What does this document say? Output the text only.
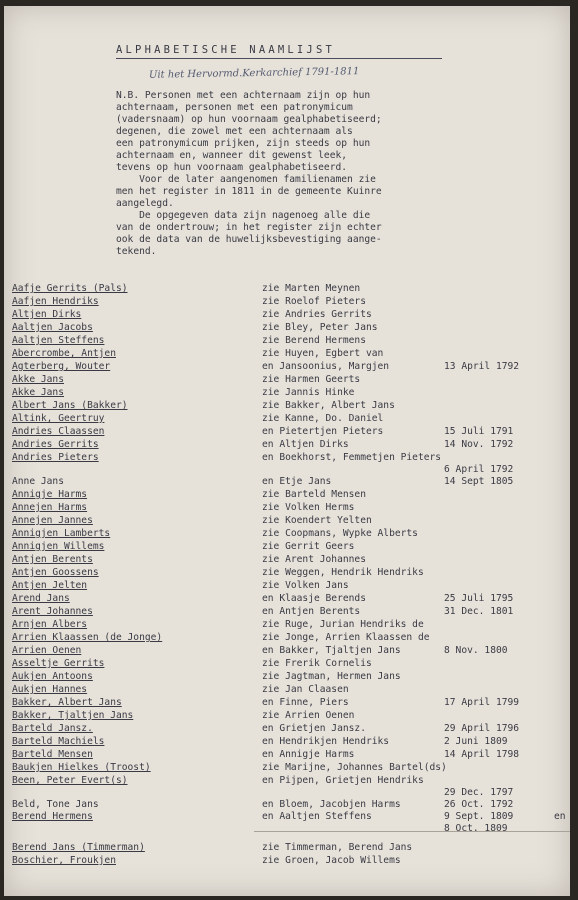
ALPHABETISCHE NAAMLIJST
Uit het Hervormd.Kerkarchief 1791-1811
N.B. Personen met een achternaam zijn op hun
achternaam, personen met een patronymicum
(vadersnaam) op hun voornaam gealphabetiseerd;
degenen, die zowel met een achternaam als
een patronymicum prijken, zijn steeds op hun
achternaam en, wanneer dit gewenst leek,
tevens op hun voornaam gealphabetiseerd.
Voor de later aangenomen familienamen zie
men het register in 1811 in de gemeente Kuinre
aangelegd.
De opgegeven data zijn nagenoeg alle die
van de ondertrouw; in het register zijn echter
ook de data van de huwelijksbevestiging aange-
tekend.
Aafje Gerrits (Pals)	zie Marten Meynen
Aafjen Hendriks	zie Roelof Pieters
Altjen Dirks	zie Andries Gerrits
Aaltjen Jacobs	zie Bley, Peter Jans
Aaltjen Steffens	zie Berend Hermens
Abercrombe, Antjen	zie Huyen, Egbert van
Agterberg, Wouter	en Jansoonius, Margjen	13 April 1792
Akke Jans	zie Harmen Geerts
Akke Jans	zie Jannis Hinke
Albert Jans (Bakker)	zie Bakker, Albert Jans
Altink, Geertruy	zie Kanne, Do. Daniel
Andries Claassen	en Pietertjen Pieters	15 Juli 1791
Andries Gerrits	en Altjen Dirks	14 Nov. 1792
Andries Pieters	en Boekhorst, Femmetjen Pieters
6 April 1792
Anne Jans	en Etje Jans	14 Sept 1805
Annigje Harms	zie Barteld Mensen
Annejen Harms	zie Volken Herms
Annejen Jannes	zie Koendert Yelten
Annigjen Lamberts	zie Coopmans, Wypke Alberts
Annigjen Willems	zie Gerrit Geers
Antjen Berents	zie Arent Johannes
Antjen Goossens	zie Weggen, Hendrik Hendriks
Antjen Jelten	zie Volken Jans
Arend Jans	en Klaasje Berends	25 Juli 1795
Arent Johannes	en Antjen Berents	31 Dec. 1801
Arnjen Albers	zie Ruge, Jurian Hendriks de
Arrien Klaassen (de Jonge)	zie Jonge, Arrien Klaassen de
Arrien Oenen	en Bakker, Tjaltjen Jans	8 Nov. 1800
Asseltje Gerrits	zie Frerik Cornelis
Aukjen Antoons	zie Jagtman, Hermen Jans
Aukjen Hannes	zie Jan Claasen
Bakker, Albert Jans	en Finne, Piers	17 April 1799
Bakker, Tjaltjen Jans	zie Arrien Oenen
Barteld Jansz.	en Grietjen Jansz.	29 April 1796
Barteld Machiels	en Hendrikjen Hendriks	2 Juni 1809
Barteld Mensen	en Annigje Harms	14 April 1798
Baukjen Hielkes (Troost)	zie Marijne, Johannes Bartel(ds)
Been, Peter Evert(s)	en Pijpen, Grietjen Hendriks
29 Dec. 1797
Beld, Tone Jans	en Bloem, Jacobjen Harms	26 Oct. 1792
Berend Hermens	en Aaltjen Steffens	9 Sept. 1809	en
8 Oct. 1809
Berend Jans (Timmerman)	zie Timmerman, Berend Jans
Boschier, Froukjen	zie Groen, Jacob Willems
